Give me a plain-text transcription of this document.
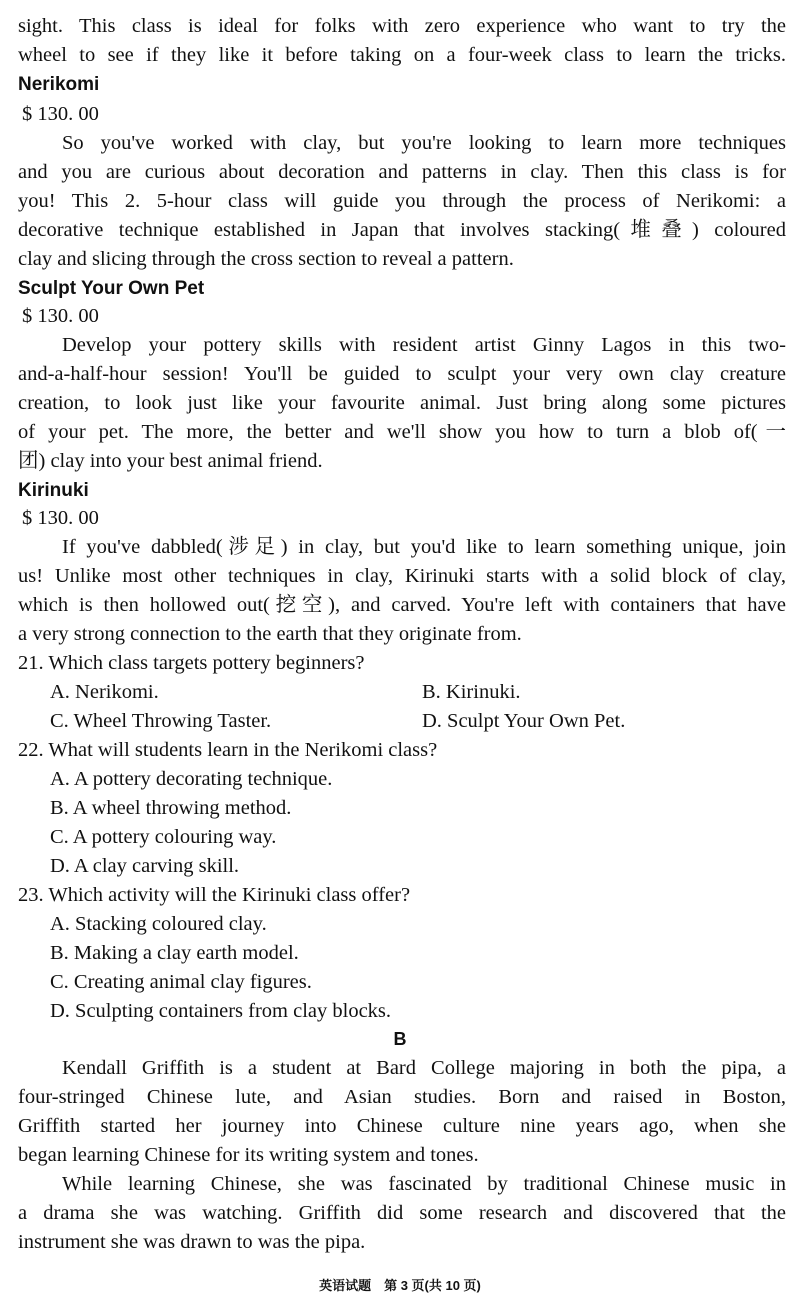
sight. This class is ideal for folks with zero experience who want to try the
wheel to see if they like it before taking on a four-week class to learn the tricks.
Nerikomi
$ 130. 00
So you've worked with clay, but you're looking to learn more techniques
and you are curious about decoration and patterns in clay. Then this class is for
you! This 2. 5-hour class will guide you through the process of Nerikomi: a
decorative technique established in Japan that involves stacking(堆叠) coloured
clay and slicing through the cross section to reveal a pattern.
Sculpt Your Own Pet
$ 130. 00
Develop your pottery skills with resident artist Ginny Lagos in this two-
and-a-half-hour session! You'll be guided to sculpt your very own clay creature
creation, to look just like your favourite animal. Just bring along some pictures
of your pet. The more, the better and we'll show you how to turn a blob of(一
团) clay into your best animal friend.
Kirinuki
$ 130. 00
If you've dabbled(涉足) in clay, but you'd like to learn something unique, join
us! Unlike most other techniques in clay, Kirinuki starts with a solid block of clay,
which is then hollowed out(挖空), and carved. You're left with containers that have
a very strong connection to the earth that they originate from.
21. Which class targets pottery beginners?
A. Nerikomi.	B. Kirinuki.
C. Wheel Throwing Taster.	D. Sculpt Your Own Pet.
22. What will students learn in the Nerikomi class?
A. A pottery decorating technique.
B. A wheel throwing method.
C. A pottery colouring way.
D. A clay carving skill.
23. Which activity will the Kirinuki class offer?
A. Stacking coloured clay.
B. Making a clay earth model.
C. Creating animal clay figures.
D. Sculpting containers from clay blocks.
B
Kendall Griffith is a student at Bard College majoring in both the pipa, a
four-stringed Chinese lute, and Asian studies. Born and raised in Boston,
Griffith started her journey into Chinese culture nine years ago, when she
began learning Chinese for its writing system and tones.
While learning Chinese, she was fascinated by traditional Chinese music in
a drama she was watching. Griffith did some research and discovered that the
instrument she was drawn to was the pipa.
英语试题　第 3 页(共 10 页)
